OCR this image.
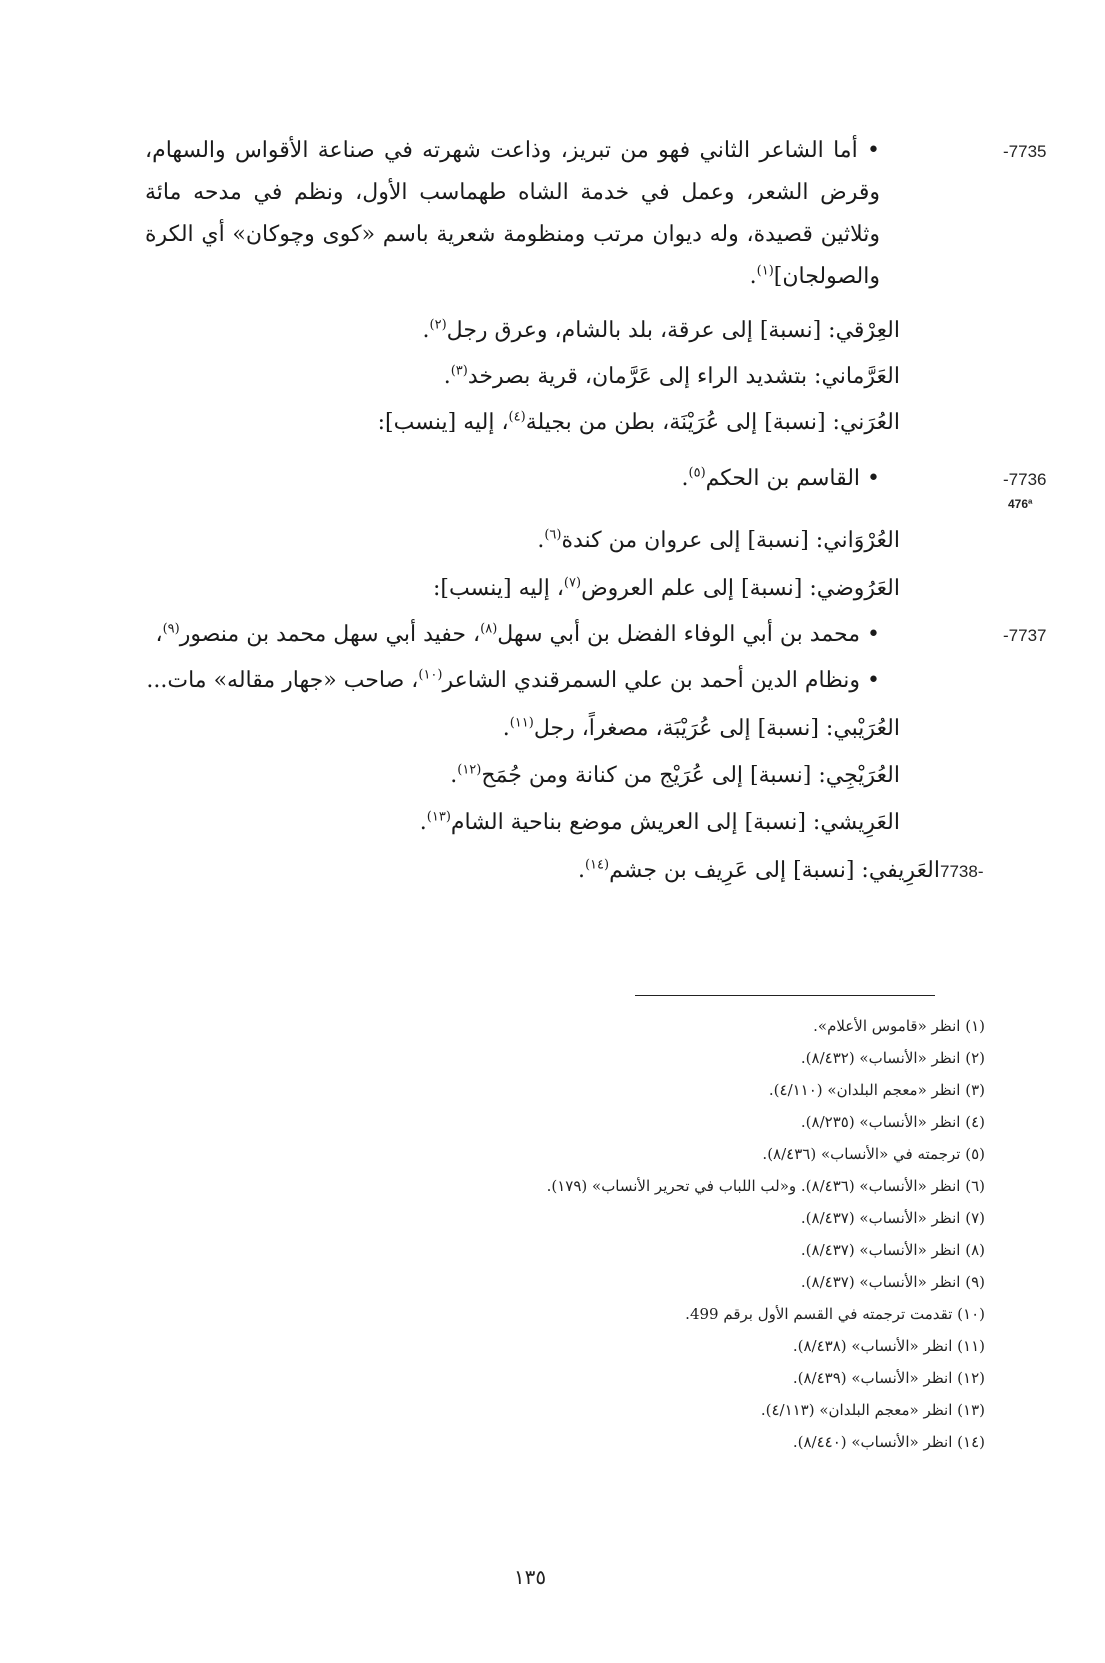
-7735
• أما الشاعر الثاني فهو من تبريز، وذاعت شهرته في صناعة الأقواس والسهام، وقرض الشعر، وعمل في خدمة الشاه طهماسب الأول، ونظم في مدحه مائة وثلاثين قصيدة، وله ديوان مرتب ومنظومة شعرية باسم «كوى وچوكان» أي الكرة والصولجان]$^{(١)}$.
العِرْقي: [نسبة] إلى عرقة، بلد بالشام، وعرق رجل$^{(٢)}$.
العَرَّماني: بتشديد الراء إلى عَرَّمان، قرية بصرخد$^{(٣)}$.
العُرَني: [نسبة] إلى عُرَيْنَة، بطن من بجيلة$^{(٤)}$، إليه [ينسب]:
-7736
• القاسم بن الحكم$^{(٥)}$.
476ª
العُرْوَاني: [نسبة] إلى عروان من كندة$^{(٦)}$.
العَرُوضي: [نسبة] إلى علم العروض$^{(٧)}$، إليه [ينسب]:
-7737
• محمد بن أبي الوفاء الفضل بن أبي سهل$^{(٨)}$، حفيد أبي سهل محمد بن منصور$^{(٩)}$،
• ونظام الدين أحمد بن علي السمرقندي الشاعر$^{(١٠)}$، صاحب «جهار مقاله» مات...
العُرَيْبي: [نسبة] إلى عُرَيْبَة، مصغراً، رجل$^{(١١)}$.
العُرَيْجِي: [نسبة] إلى عُرَيْج من كنانة ومن جُمَح$^{(١٢)}$.
العَرِيشي: [نسبة] إلى العريش موضع بناحية الشام$^{(١٣)}$.
7738-
العَرِيفي: [نسبة] إلى عَرِيف بن جشم$^{(١٤)}$.
(١) انظر «قاموس الأعلام».
(٢) انظر «الأنساب» (٨/٤٣٢).
(٣) انظر «معجم البلدان» (٤/١١٠).
(٤) انظر «الأنساب» (٨/٢٣٥).
(٥) ترجمته في «الأنساب» (٨/٤٣٦).
(٦) انظر «الأنساب» (٨/٤٣٦). و«لب اللباب في تحرير الأنساب» (١٧٩).
(٧) انظر «الأنساب» (٨/٤٣٧).
(٨) انظر «الأنساب» (٨/٤٣٧).
(٩) انظر «الأنساب» (٨/٤٣٧).
(١٠) تقدمت ترجمته في القسم الأول برقم 499.
(١١) انظر «الأنساب» (٨/٤٣٨).
(١٢) انظر «الأنساب» (٨/٤٣٩).
(١٣) انظر «معجم البلدان» (٤/١١٣).
(١٤) انظر «الأنساب» (٨/٤٤٠).
١٣٥
